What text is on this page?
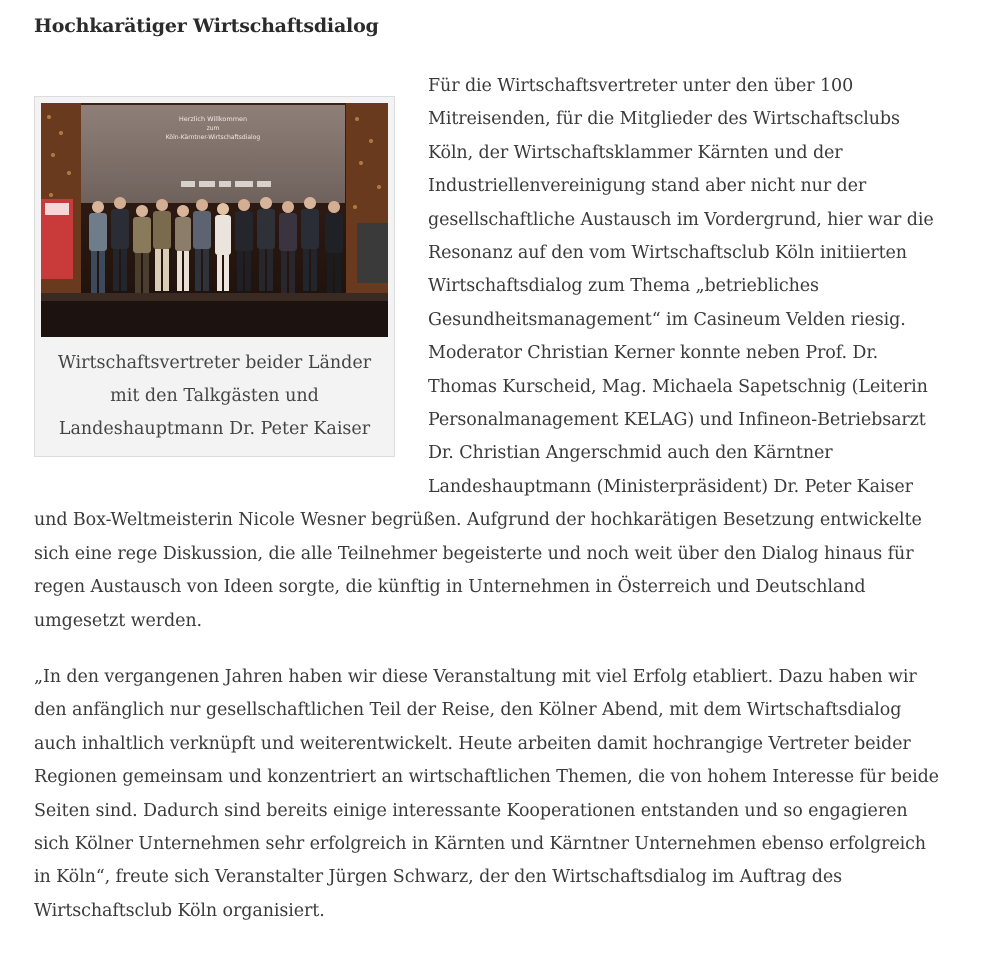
Hochkarätiger Wirtschaftsdialog
Herzlich Willkommen
zum
Köln-Kärntner-Wirtschaftsdialog

Wirtschaftsvertreter beider Länder mit den Talkgästen und Landeshauptmann Dr. Peter Kaiser

Für die Wirtschaftsvertreter unter den über 100 Mitreisenden, für die Mitglieder des Wirtschaftsclubs Köln, der Wirtschaftsklammer Kärnten und der Industriellenvereinigung stand aber nicht nur der gesellschaftliche Austausch im Vordergrund, hier war die Resonanz auf den vom Wirtschaftsclub Köln initiierten Wirtschaftsdialog zum Thema „betriebliches Gesundheitsmanagement“ im Casineum Velden riesig. Moderator Christian Kerner konnte neben Prof. Dr. Thomas Kurscheid, Mag. Michaela Sapetschnig (Leiterin Personalmanagement KELAG) und Infineon-Betriebsarzt Dr. Christian Angerschmid auch den Kärntner Landeshauptmann (Ministerpräsident) Dr. Peter Kaiser und Box-Weltmeisterin Nicole Wesner begrüßen. Aufgrund der hochkarätigen Besetzung entwickelte sich eine rege Diskussion, die alle Teilnehmer begeisterte und noch weit über den Dialog hinaus für regen Austausch von Ideen sorgte, die künftig in Unternehmen in Österreich und Deutschland umgesetzt werden.

„In den vergangenen Jahren haben wir diese Veranstaltung mit viel Erfolg etabliert. Dazu haben wir den anfänglich nur gesellschaftlichen Teil der Reise, den Kölner Abend, mit dem Wirtschaftsdialog auch inhaltlich verknüpft und weiterentwickelt. Heute arbeiten damit hochrangige Vertreter beider Regionen gemeinsam und konzentriert an wirtschaftlichen Themen, die von hohem Interesse für beide Seiten sind. Dadurch sind bereits einige interessante Kooperationen entstanden und so engagieren sich Kölner Unternehmen sehr erfolgreich in Kärnten und Kärntner Unternehmen ebenso erfolgreich in Köln“, freute sich Veranstalter Jürgen Schwarz, der den Wirtschaftsdialog im Auftrag des Wirtschaftsclub Köln organisiert.
